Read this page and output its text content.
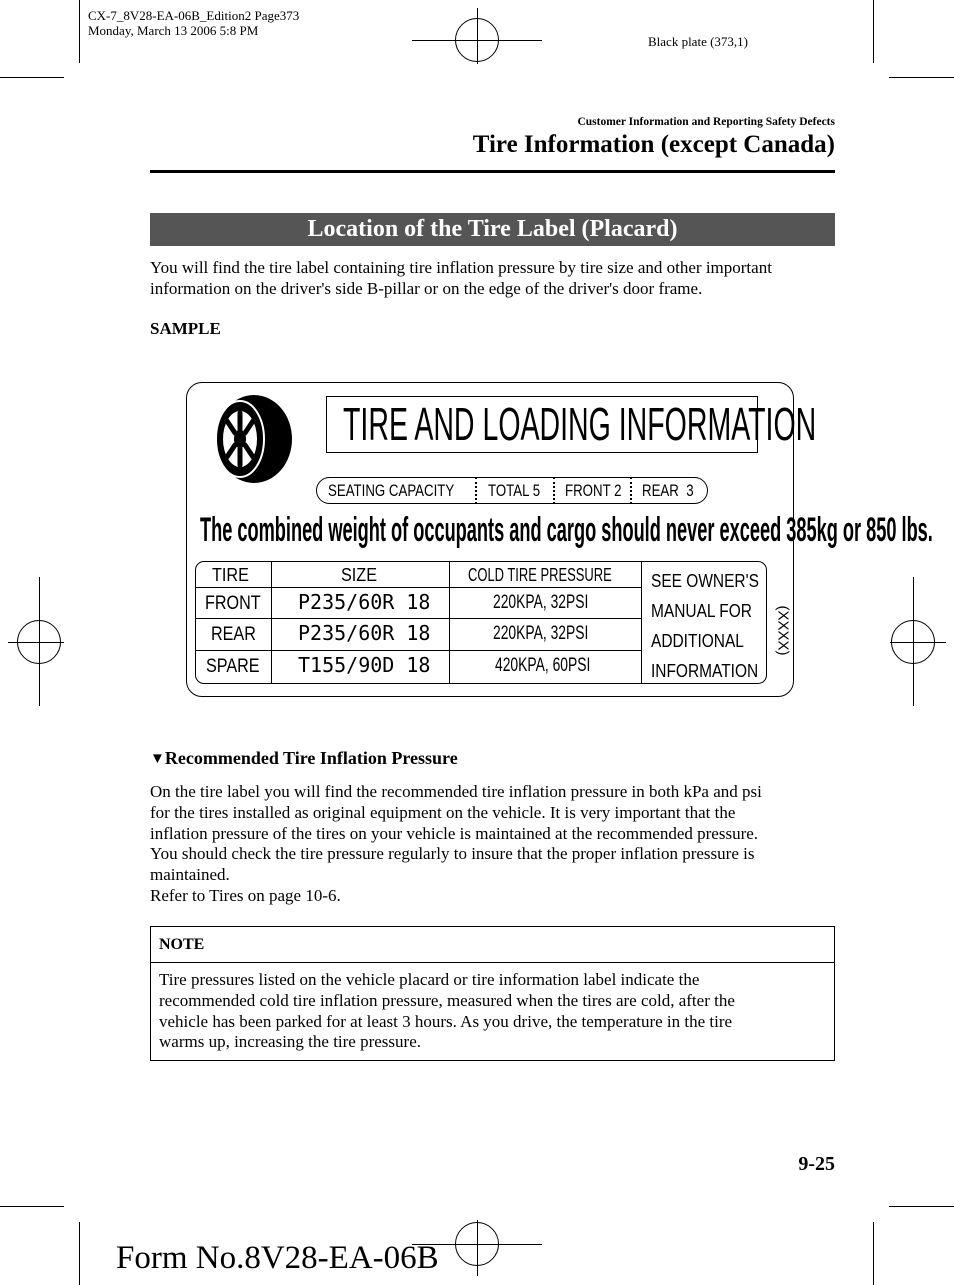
CX-7_8V28-EA-06B_Edition2 Page373
Monday, March 13 2006 5:8 PM
Black plate (373,1)
Customer Information and Reporting Safety Defects
Tire Information (except Canada)
Location of the Tire Label (Placard)
You will find the tire label containing tire inflation pressure by tire size and other important
information on the driver's side B-pillar or on the edge of the driver's door frame.
SAMPLE
TIRE AND LOADING INFORMATION
SEATING CAPACITY TOTAL 5 FRONT 2 REAR  3
The combined weight of occupants and cargo should never exceed 385kg or 850 lbs.
TIRE	SIZE	COLD TIRE PRESSURE
FRONT P235/60R 18	220KPA, 32PSI
REAR P235/60R 18	220KPA, 32PSI
SPARE T155/90D 18	420KPA, 60PSI
SEE OWNER'S
MANUAL FOR
ADDITIONAL
INFORMATION
(XXXX)
▼Recommended Tire Inflation Pressure
On the tire label you will find the recommended tire inflation pressure in both kPa and psi
for the tires installed as original equipment on the vehicle. It is very important that the
inflation pressure of the tires on your vehicle is maintained at the recommended pressure.
You should check the tire pressure regularly to insure that the proper inflation pressure is
maintained.
Refer to Tires on page 10-6.
NOTE
Tire pressures listed on the vehicle placard or tire information label indicate the
recommended cold tire inflation pressure, measured when the tires are cold, after the
vehicle has been parked for at least 3 hours. As you drive, the temperature in the tire
warms up, increasing the tire pressure.
9-25
Form No.8V28-EA-06B
